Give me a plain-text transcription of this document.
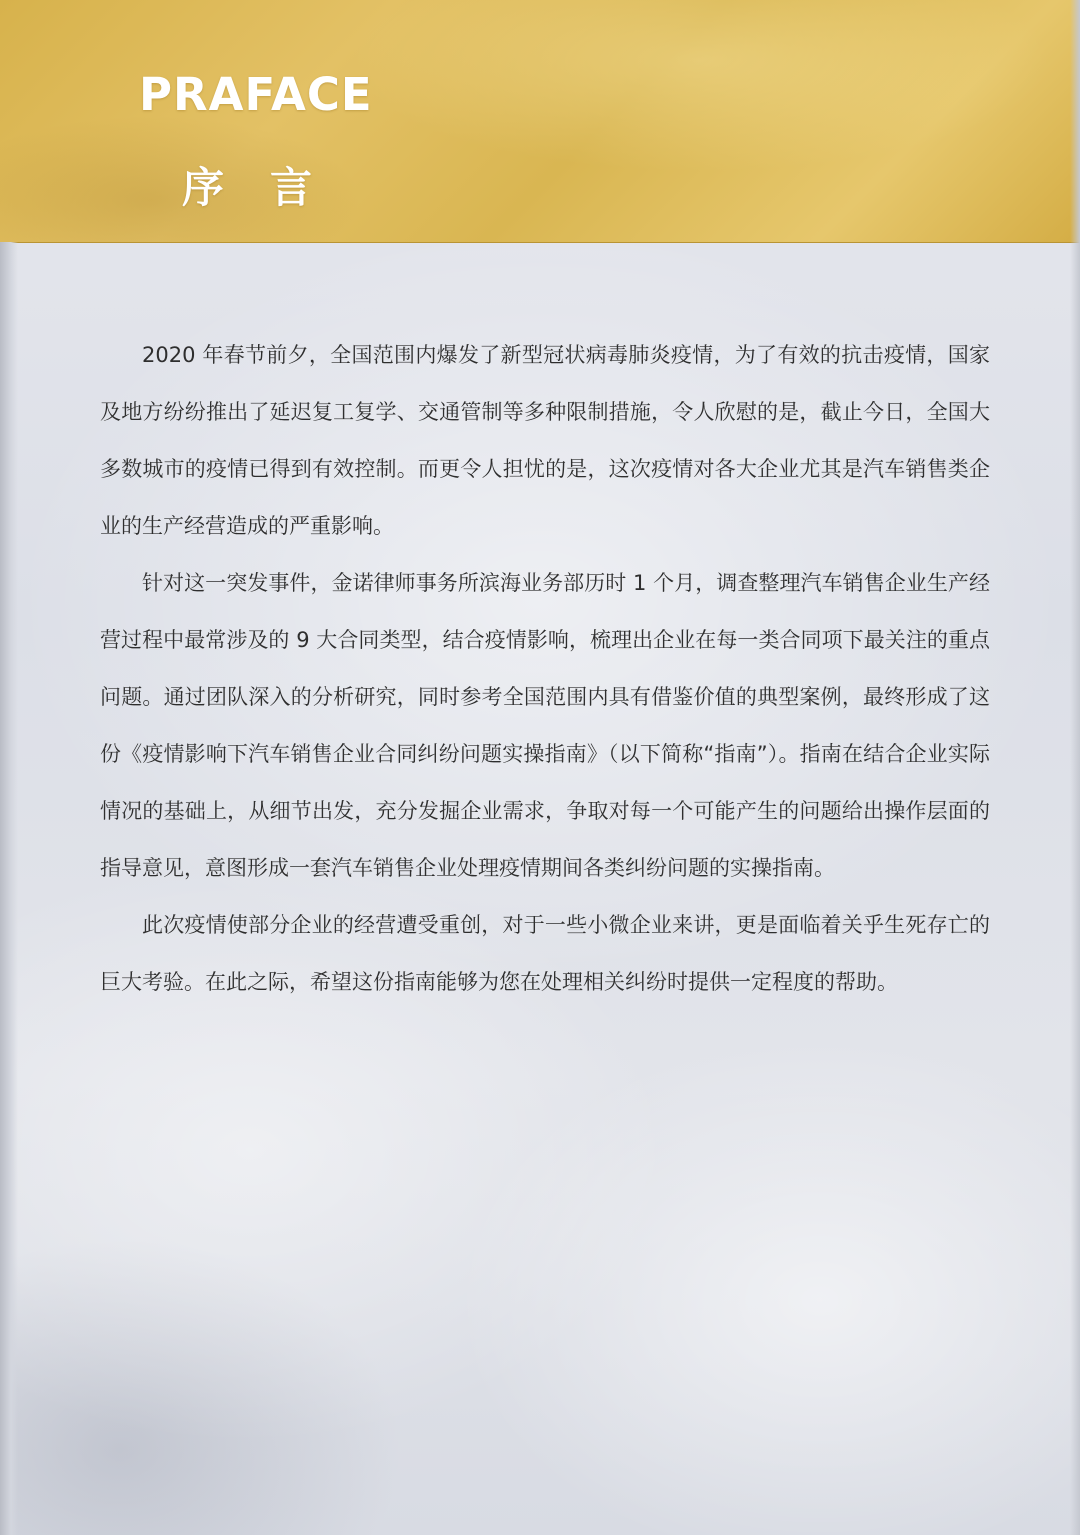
PRAFACE
序言

2020 年春节前夕，全国范围内爆发了新型冠状病毒肺炎疫情，为了有效的抗击疫情，国家及地方纷纷推出了延迟复工复学、交通管制等多种限制措施，令人欣慰的是，截止今日，全国大多数城市的疫情已得到有效控制。而更令人担忧的是，这次疫情对各大企业尤其是汽车销售类企业的生产经营造成的严重影响。

针对这一突发事件，金诺律师事务所滨海业务部历时 1 个月，调查整理汽车销售企业生产经营过程中最常涉及的 9 大合同类型，结合疫情影响，梳理出企业在每一类合同项下最关注的重点问题。通过团队深入的分析研究，同时参考全国范围内具有借鉴价值的典型案例，最终形成了这份《疫情影响下汽车销售企业合同纠纷问题实操指南》（以下简称“指南”）。指南在结合企业实际情况的基础上，从细节出发，充分发掘企业需求，争取对每一个可能产生的问题给出操作层面的指导意见，意图形成一套汽车销售企业处理疫情期间各类纠纷问题的实操指南。

此次疫情使部分企业的经营遭受重创，对于一些小微企业来讲，更是面临着关乎生死存亡的巨大考验。在此之际，希望这份指南能够为您在处理相关纠纷时提供一定程度的帮助。
